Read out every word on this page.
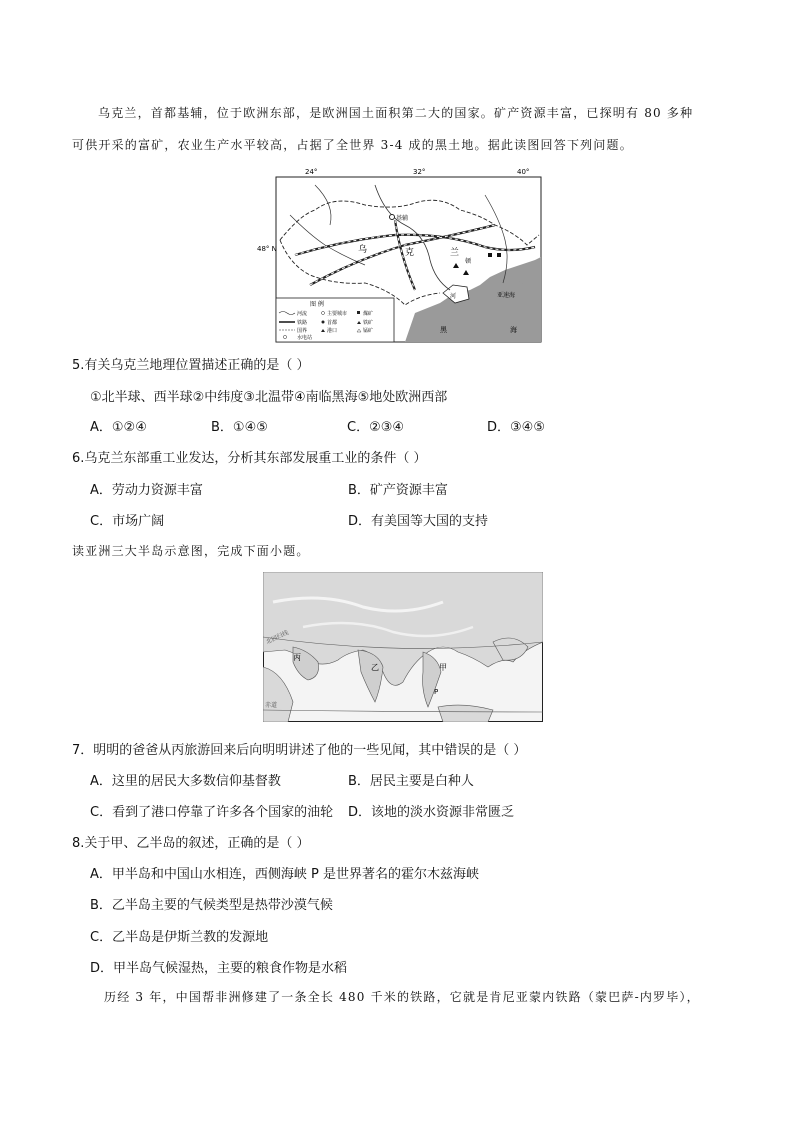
乌克兰，首都基辅，位于欧洲东部，是欧洲国土面积第二大的国家。矿产资源丰富，已探明有 80 多种
可供开采的富矿，农业生产水平较高，占据了全世界 3-4 成的黑土地。据此读图回答下列问题。
24°	32°	40°
48° N	乌	克	兰
基辅
顿
河	亚速海
黑	海
图 例
河流
铁路
国界
水电站
主要城市
首都
港口
煤矿
铁矿
锰矿
5.有关乌克兰地理位置描述正确的是（ ）
①北半球、西半球②中纬度③北温带④南临黑海⑤地处欧洲西部
A．①②④	B．①④⑤	C．②③④	D．③④⑤
6.乌克兰东部重工业发达，分析其东部发展重工业的条件（ ）
A．劳动力资源丰富	B．矿产资源丰富
C．市场广阔	D．有美国等大国的支持
读亚洲三大半岛示意图，完成下面小题。
北回归线
丙
乙	甲
P
赤道
7．明明的爸爸从丙旅游回来后向明明讲述了他的一些见闻，其中错误的是（ ）
A．这里的居民大多数信仰基督教	B．居民主要是白种人
C．看到了港口停靠了许多各个国家的油轮 D．该地的淡水资源非常匮乏
8.关于甲、乙半岛的叙述，正确的是（ ）
A．甲半岛和中国山水相连，西侧海峡 P 是世界著名的霍尔木兹海峡
B．乙半岛主要的气候类型是热带沙漠气候
C．乙半岛是伊斯兰教的发源地
D．甲半岛气候湿热，主要的粮食作物是水稻
历经 3 年，中国帮非洲修建了一条全长 480 千米的铁路，它就是肯尼亚蒙内铁路（蒙巴萨-内罗毕），
